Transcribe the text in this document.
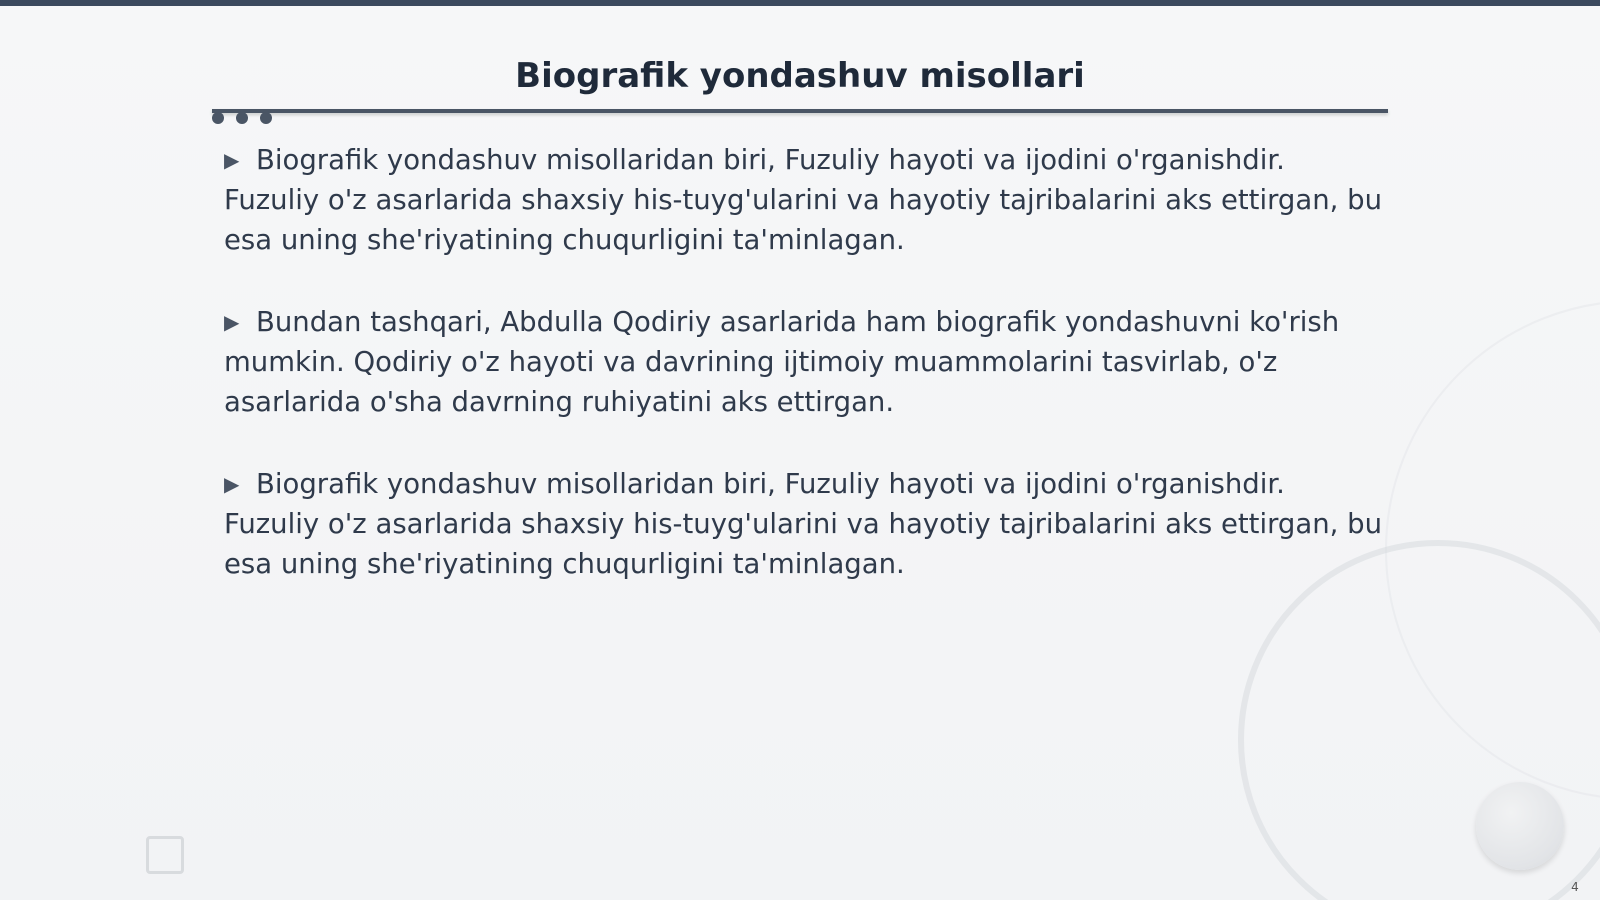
Biografik yondashuv misollari

▶ Biografik yondashuv misollaridan biri, Fuzuliy hayoti va ijodini o'rganishdir. Fuzuliy o'z asarlarida shaxsiy his-tuyg'ularini va hayotiy tajribalarini aks ettirgan, bu esa uning she'riyatining chuqurligini ta'minlagan.

▶ Bundan tashqari, Abdulla Qodiriy asarlarida ham biografik yondashuvni ko'rish mumkin. Qodiriy o'z hayoti va davrining ijtimoiy muammolarini tasvirlab, o'z asarlarida o'sha davrning ruhiyatini aks ettirgan.

▶ Biografik yondashuv misollaridan biri, Fuzuliy hayoti va ijodini o'rganishdir. Fuzuliy o'z asarlarida shaxsiy his-tuyg'ularini va hayotiy tajribalarini aks ettirgan, bu esa uning she'riyatining chuqurligini ta'minlagan.

4
